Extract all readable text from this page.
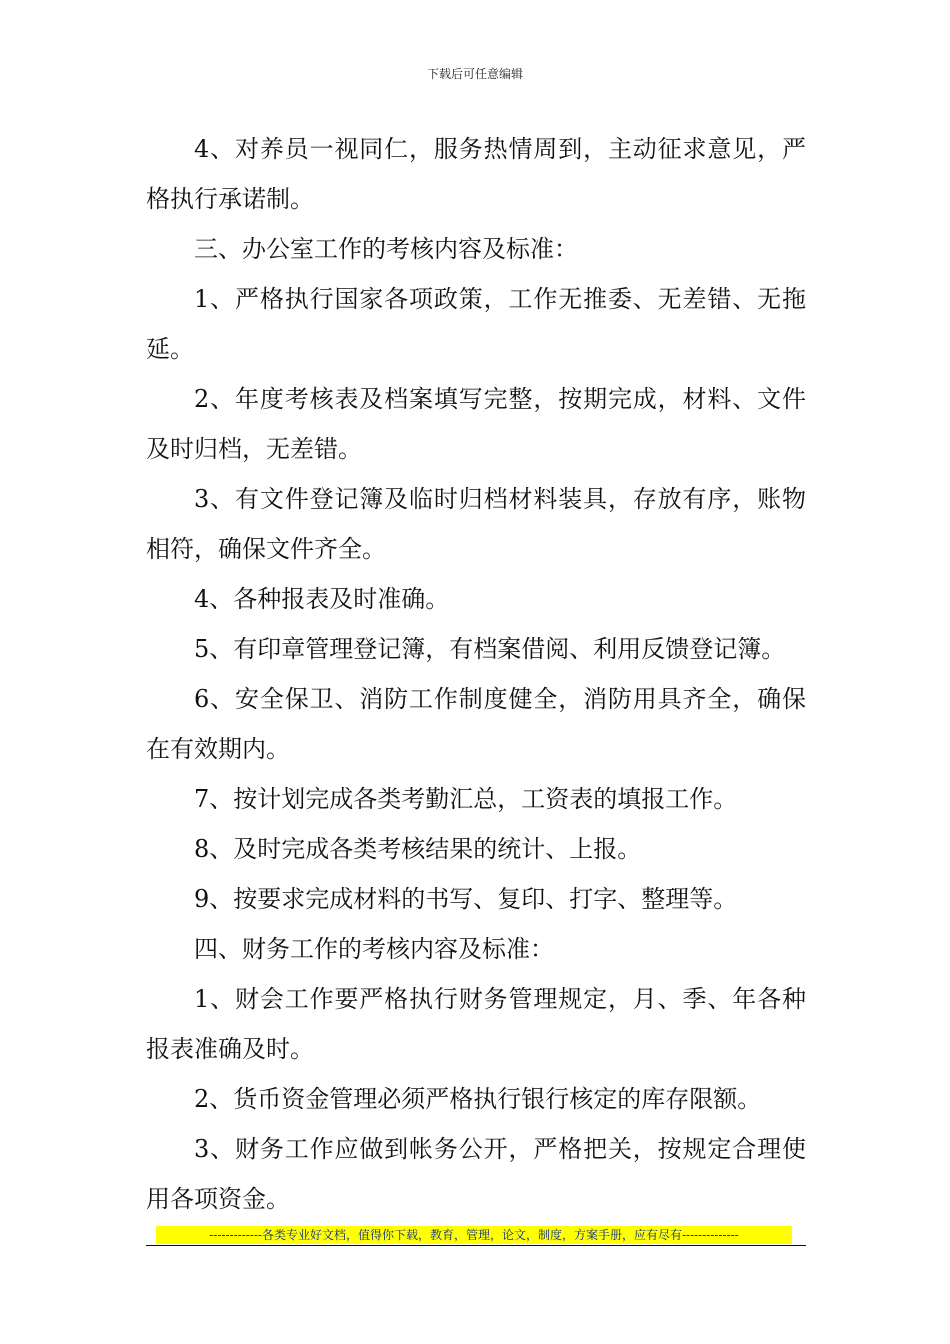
下载后可任意编辑

4、对养员一视同仁，服务热情周到，主动征求意见，严格执行承诺制。

三、办公室工作的考核内容及标准：

1、严格执行国家各项政策，工作无推委、无差错、无拖延。

2、年度考核表及档案填写完整，按期完成，材料、文件及时归档，无差错。

3、有文件登记簿及临时归档材料装具，存放有序，账物相符，确保文件齐全。

4、各种报表及时准确。

5、有印章管理登记簿，有档案借阅、利用反馈登记簿。

6、安全保卫、消防工作制度健全，消防用具齐全，确保在有效期内。

7、按计划完成各类考勤汇总，工资表的填报工作。

8、及时完成各类考核结果的统计、上报。

9、按要求完成材料的书写、复印、打字、整理等。

四、财务工作的考核内容及标准：

1、财会工作要严格执行财务管理规定，月、季、年各种报表准确及时。

2、货币资金管理必须严格执行银行核定的库存限额。

3、财务工作应做到帐务公开，严格把关，按规定合理使用各项资金。

-------------各类专业好文档，值得你下载，教育，管理，论文，制度，方案手册，应有尽有--------------
